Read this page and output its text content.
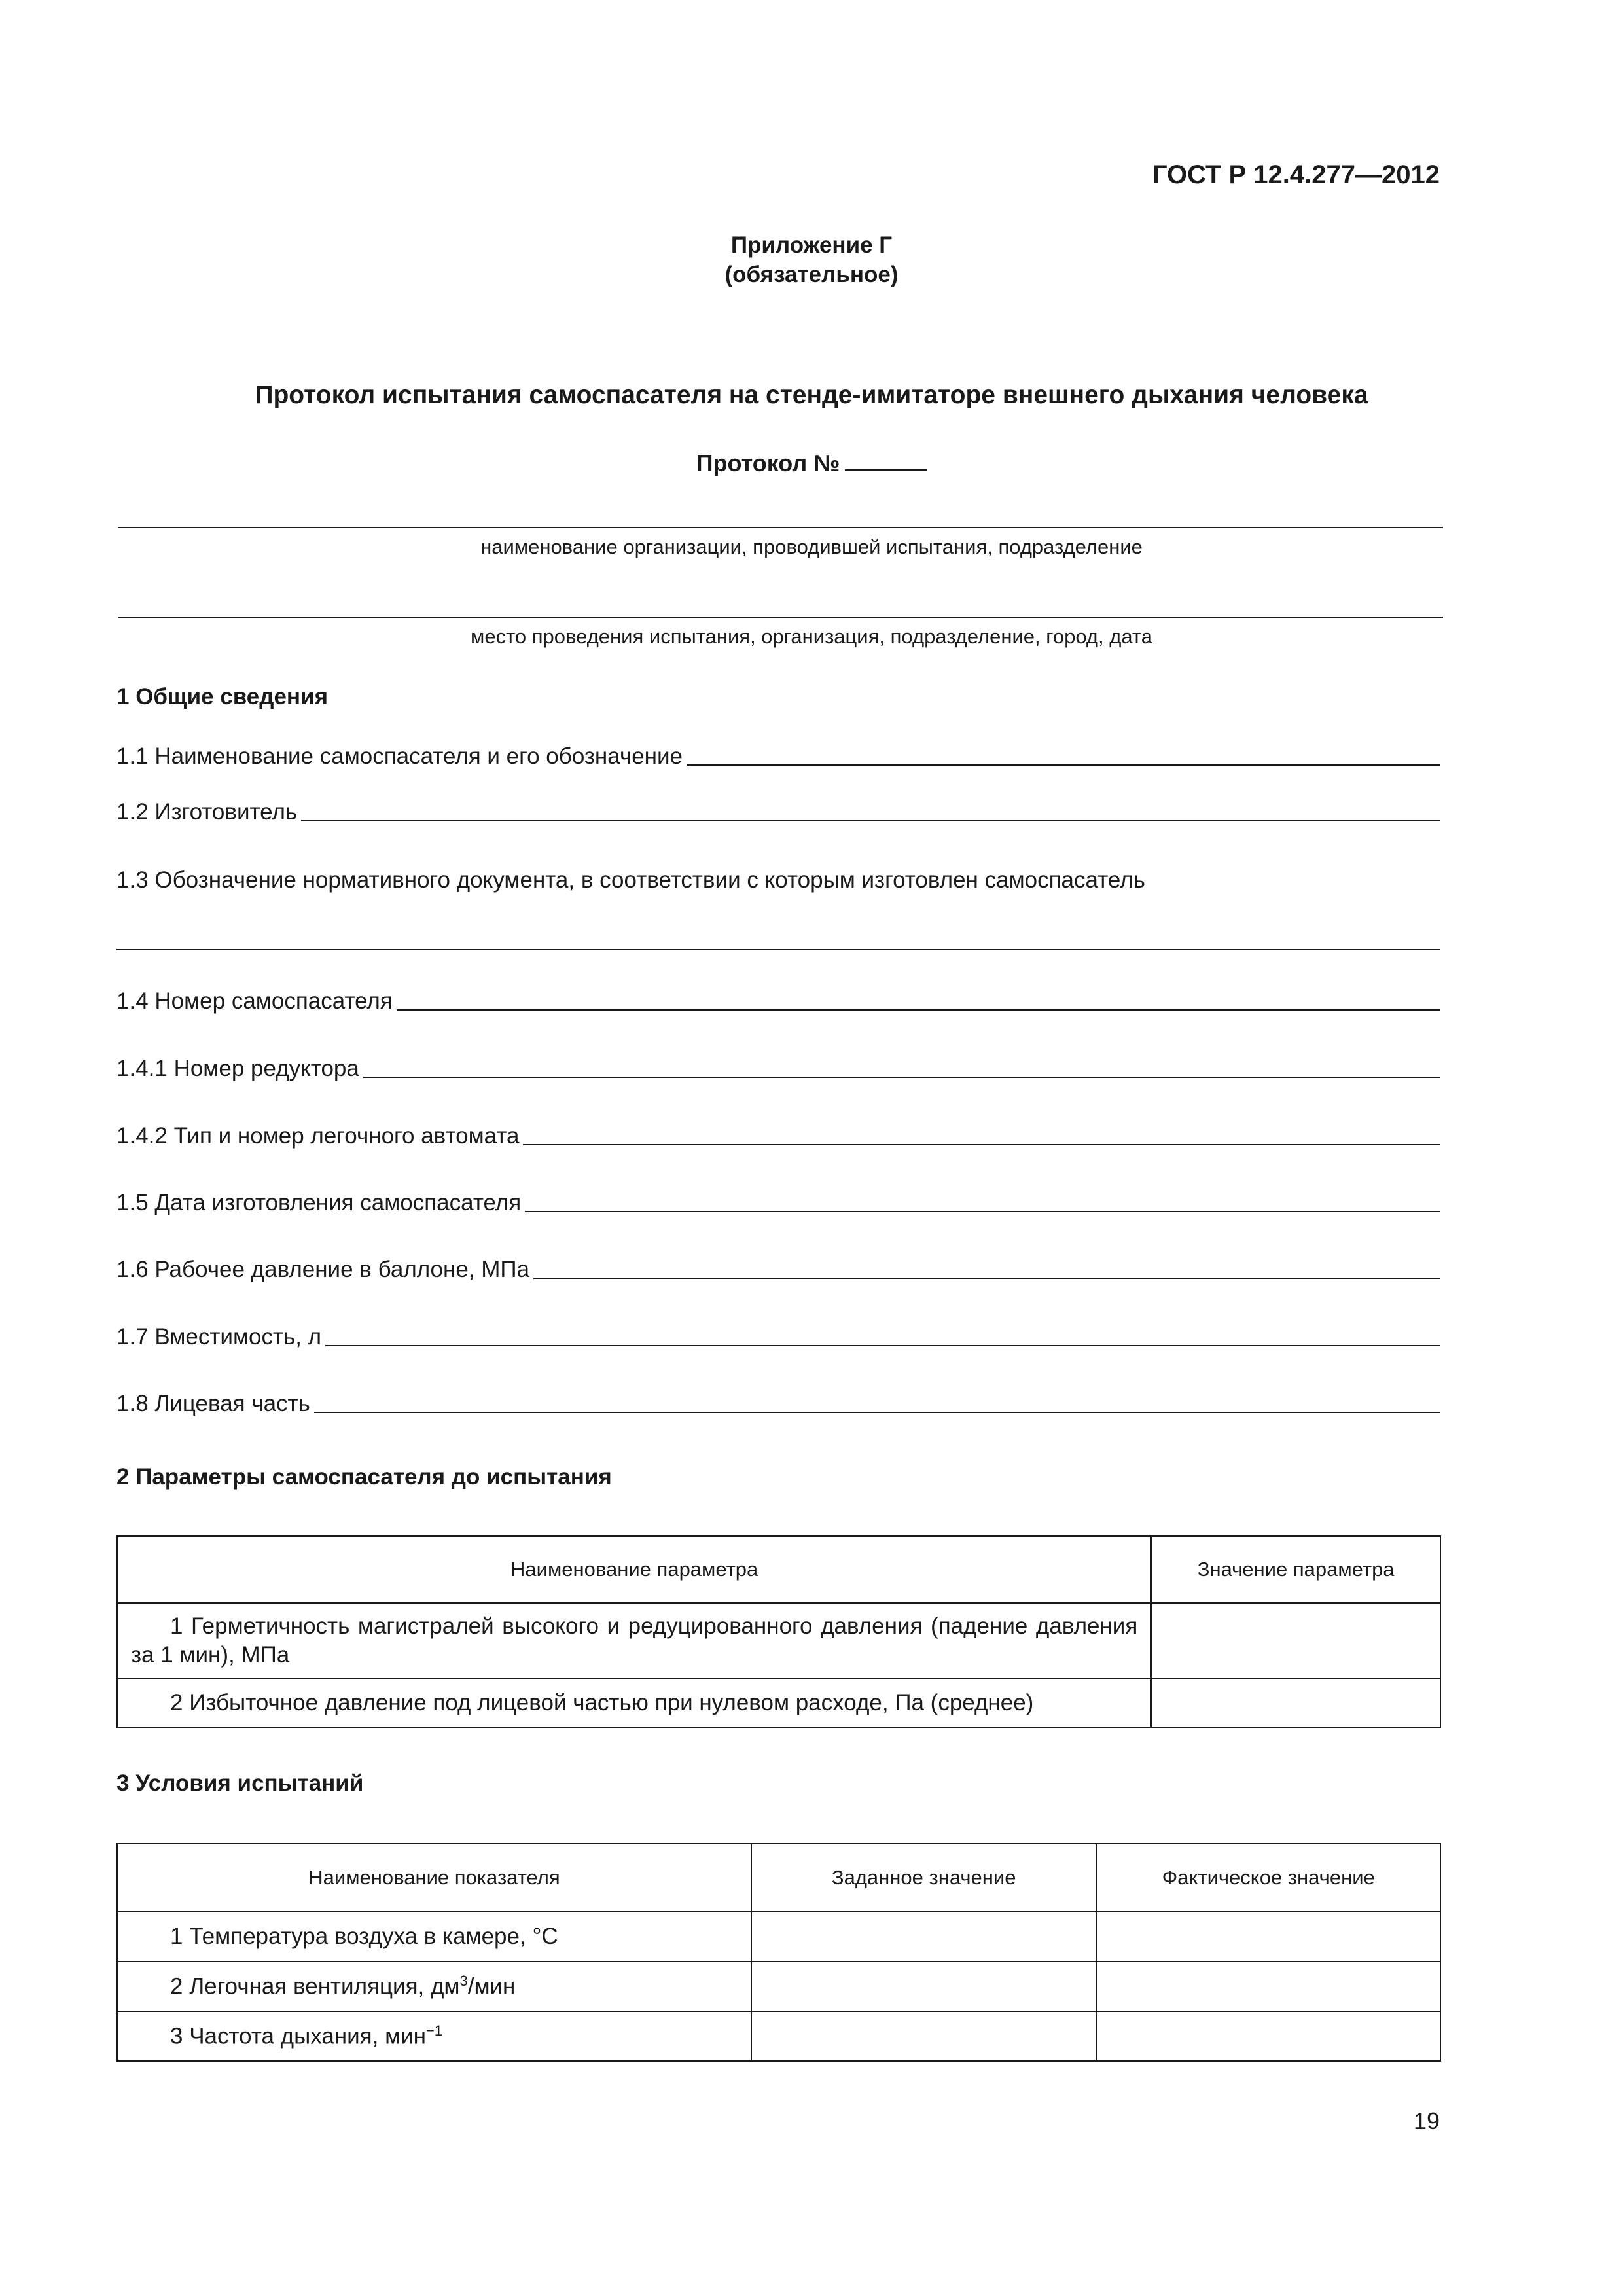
ГОСТ Р 12.4.277—2012
Приложение Г
(обязательное)
Протокол испытания самоспасателя на стенде-имитаторе внешнего дыхания человека
Протокол №
наименование организации, проводившей испытания, подразделение
место проведения испытания, организация, подразделение, город, дата
1 Общие сведения
1.1 Наименование самоспасателя и его обозначение
1.2 Изготовитель
1.3 Обозначение нормативного документа, в соответствии с которым изготовлен самоспасатель
1.4 Номер самоспасателя
1.4.1 Номер редуктора
1.4.2 Тип и номер легочного автомата
1.5 Дата изготовления самоспасателя
1.6 Рабочее давление в баллоне, МПа
1.7 Вместимость, л
1.8 Лицевая часть
2 Параметры самоспасателя до испытания
Наименование параметра	Значение параметра
1 Герметичность магистралей высокого и редуцированного давления (падение давления за 1 мин), МПа	
2 Избыточное давление под лицевой частью при нулевом расходе, Па (среднее)	
3 Условия испытаний
Наименование показателя	Заданное значение	Фактическое значение
1 Температура воздуха в камере, °С		
2 Легочная вентиляция, $дм^3$/мин		
3 Частота дыхания, мин$^{-1}$		
19
